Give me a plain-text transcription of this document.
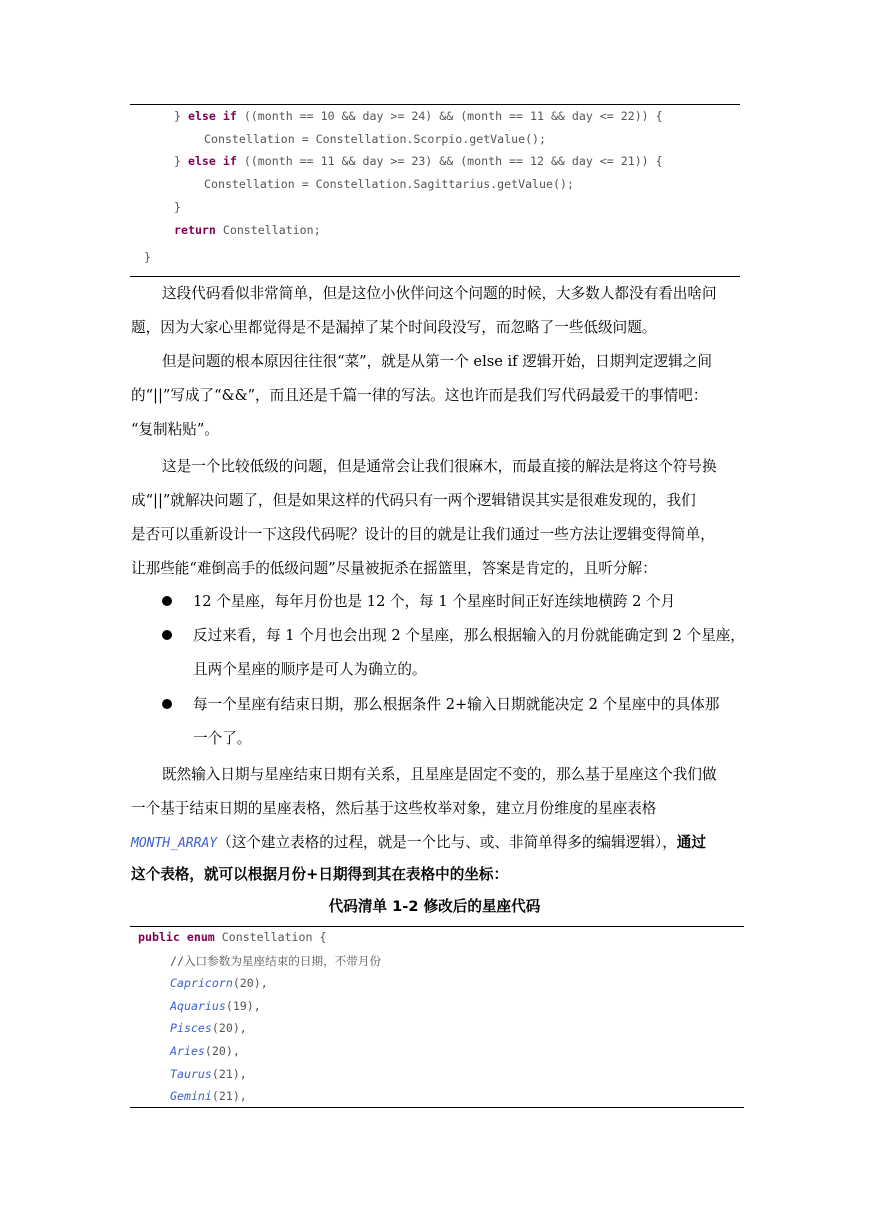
} else if ((month == 10 && day >= 24) && (month == 11 && day <= 22)) {
Constellation = Constellation.Scorpio.getValue();
} else if ((month == 11 && day >= 23) && (month == 12 && day <= 21)) {
Constellation = Constellation.Sagittarius.getValue();
}
return Constellation;
}
这段代码看似非常简单，但是这位小伙伴问这个问题的时候，大多数人都没有看出啥问
题，因为大家心里都觉得是不是漏掉了某个时间段没写，而忽略了一些低级问题。
但是问题的根本原因往往很“菜”，就是从第一个 else if 逻辑开始，日期判定逻辑之间
的“||”写成了“&&”，而且还是千篇一律的写法。这也许而是我们写代码最爱干的事情吧：
“复制粘贴”。
这是一个比较低级的问题，但是通常会让我们很麻木，而最直接的解法是将这个符号换
成“||”就解决问题了，但是如果这样的代码只有一两个逻辑错误其实是很难发现的，我们
是否可以重新设计一下这段代码呢？设计的目的就是让我们通过一些方法让逻辑变得简单，
让那些能“难倒高手的低级问题”尽量被扼杀在摇篮里，答案是肯定的，且听分解：
12 个星座，每年月份也是 12 个，每 1 个星座时间正好连续地横跨 2 个月
反过来看，每 1 个月也会出现 2 个星座，那么根据输入的月份就能确定到 2 个星座，
且两个星座的顺序是可人为确立的。
每一个星座有结束日期，那么根据条件 2+输入日期就能决定 2 个星座中的具体那
一个了。
既然输入日期与星座结束日期有关系，且星座是固定不变的，那么基于星座这个我们做
一个基于结束日期的星座表格，然后基于这些枚举对象，建立月份维度的星座表格
MONTH_ARRAY（这个建立表格的过程，就是一个比与、或、非简单得多的编辑逻辑），通过
这个表格，就可以根据月份+日期得到其在表格中的坐标：
代码清单 1-2 修改后的星座代码
public enum Constellation {
//入口参数为星座结束的日期，不带月份
Capricorn(20),
Aquarius(19),
Pisces(20),
Aries(20),
Taurus(21),
Gemini(21),
